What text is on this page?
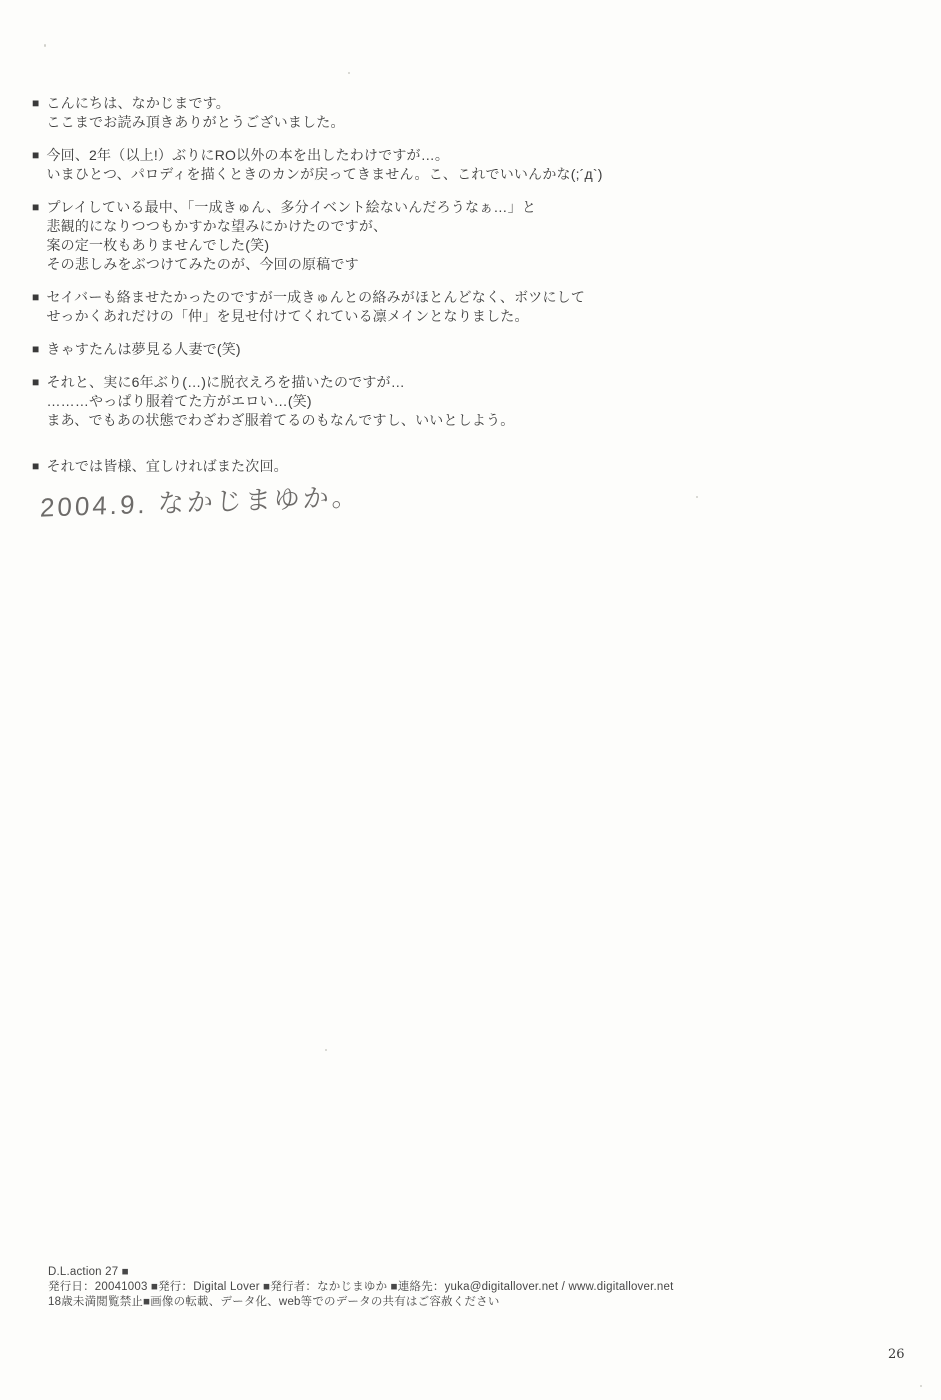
■ こんにちは、なかじまです。
ここまでお読み頂きありがとうございました。
■ 今回、2年（以上!）ぶりにRO以外の本を出したわけですが…。
いまひとつ、パロディを描くときのカンが戻ってきません。こ、これでいいんかな(;´д`)
■ プレイしている最中、「一成きゅん、多分イベント絵ないんだろうなぁ…」と
悲観的になりつつもかすかな望みにかけたのですが、
案の定一枚もありませんでした(笑)
その悲しみをぶつけてみたのが、今回の原稿です
■ セイバーも絡ませたかったのですが一成きゅんとの絡みがほとんどなく、ボツにして
せっかくあれだけの「仲」を見せ付けてくれている凛メインとなりました。
■ きゃすたんは夢見る人妻で(笑)
■ それと、実に6年ぶり(…)に脱衣えろを描いたのですが…
………やっぱり服着てた方がエロい…(笑)
まあ、でもあの状態でわざわざ服着てるのもなんですし、いいとしよう。
■ それでは皆様、宜しければまた次回。
2004.9. なかじまゆか。
D.L.action 27 ■
発行日：20041003 ■発行：Digital Lover ■発行者：なかじまゆか ■連絡先：yuka@digitallover.net / www.digitallover.net
18歳未満閲覧禁止■画像の転載、データ化、web等でのデータの共有はご容赦ください
26
